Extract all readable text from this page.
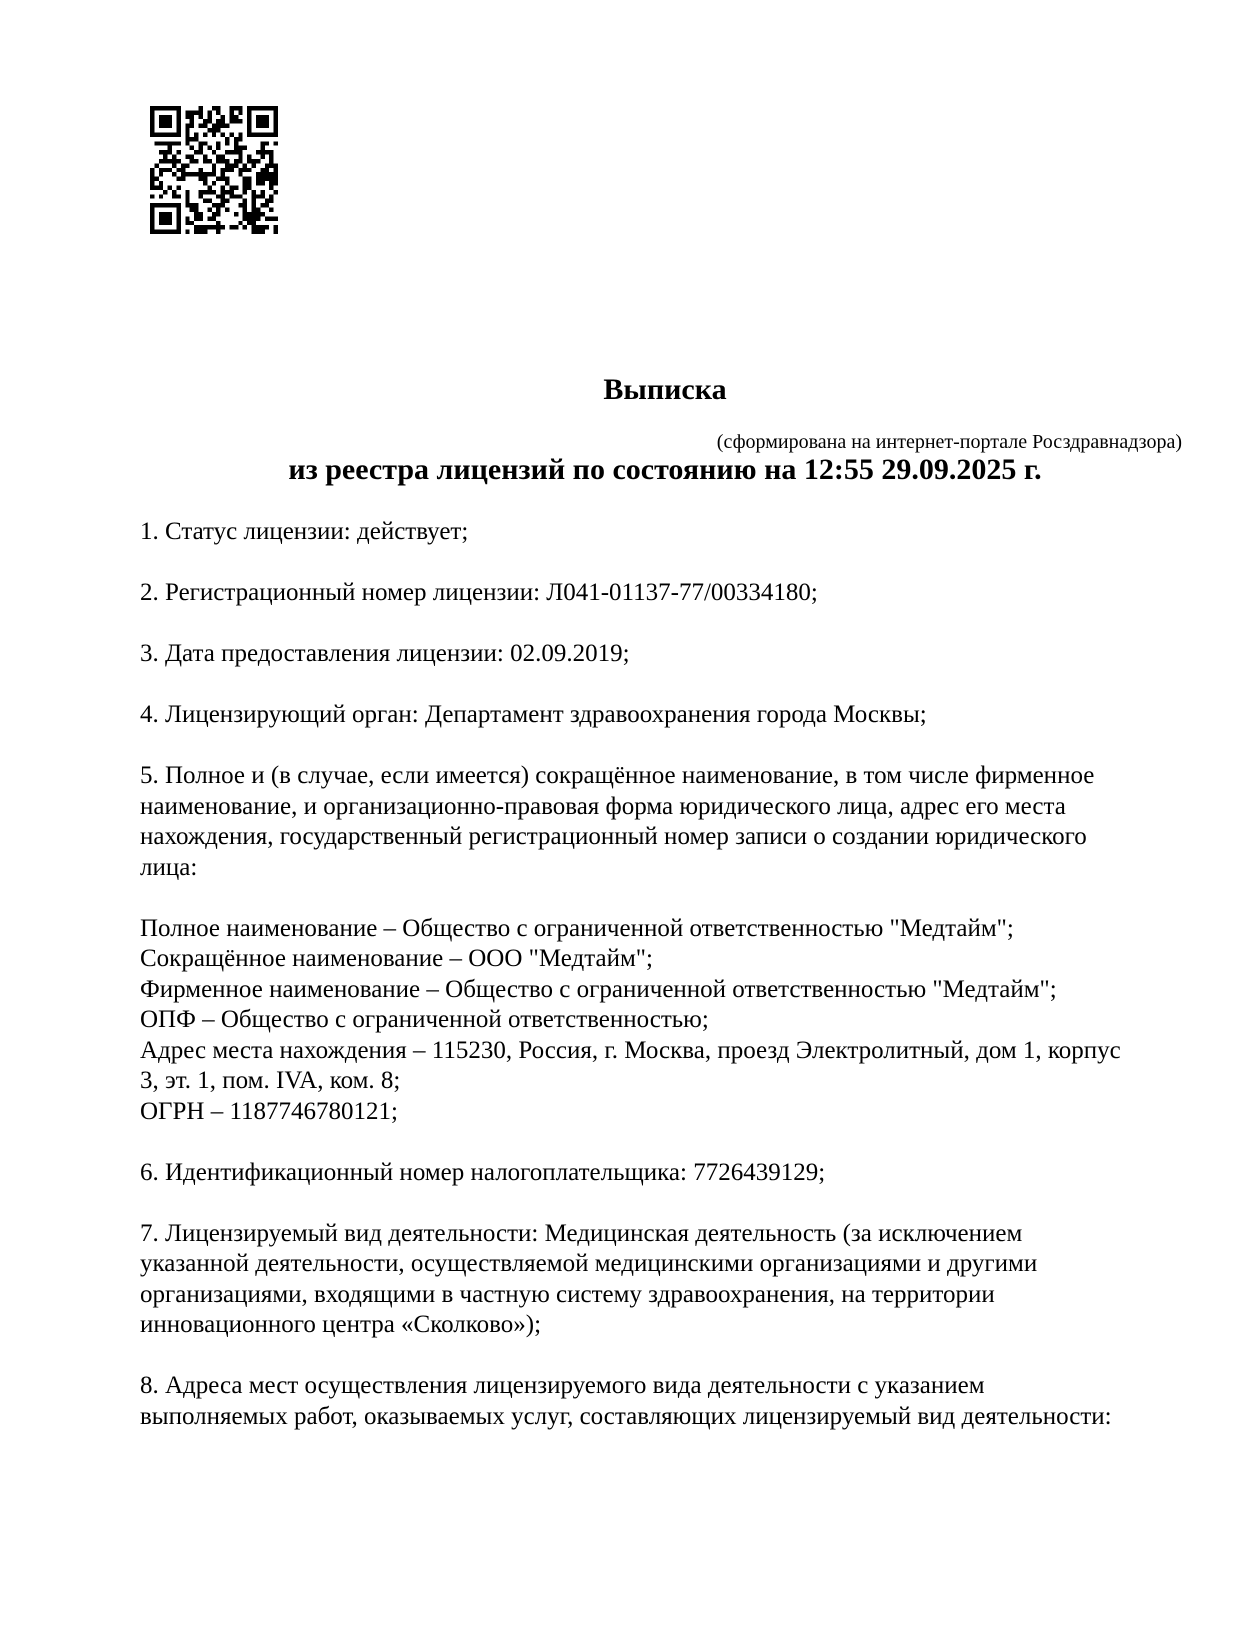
Выписка

из реестра лицензий по состоянию на 12:55 29.09.2025 г.

(сформирована на интернет-портале Росздравнадзора)

1. Статус лицензии: действует;

2. Регистрационный номер лицензии: Л041-01137-77/00334180;

3. Дата предоставления лицензии: 02.09.2019;

4. Лицензирующий орган: Департамент здравоохранения города Москвы;

5. Полное и (в случае, если имеется) сокращённое наименование, в том числе фирменное наименование, и организационно-правовая форма юридического лица, адрес его места нахождения, государственный регистрационный номер записи о создании юридического лица:

Полное наименование – Общество с ограниченной ответственностью "Медтайм";
Сокращённое наименование – ООО "Медтайм";
Фирменное наименование – Общество с ограниченной ответственностью "Медтайм";
ОПФ – Общество с ограниченной ответственностью;
Адрес места нахождения – 115230, Россия, г. Москва, проезд Электролитный, дом 1, корпус 3, эт. 1, пом. IVA, ком. 8;
ОГРН – 1187746780121;

6. Идентификационный номер налогоплательщика: 7726439129;

7. Лицензируемый вид деятельности: Медицинская деятельность (за исключением указанной деятельности, осуществляемой медицинскими организациями и другими организациями, входящими в частную систему здравоохранения, на территории инновационного центра «Сколково»);

8. Адреса мест осуществления лицензируемого вида деятельности с указанием выполняемых работ, оказываемых услуг, составляющих лицензируемый вид деятельности:
